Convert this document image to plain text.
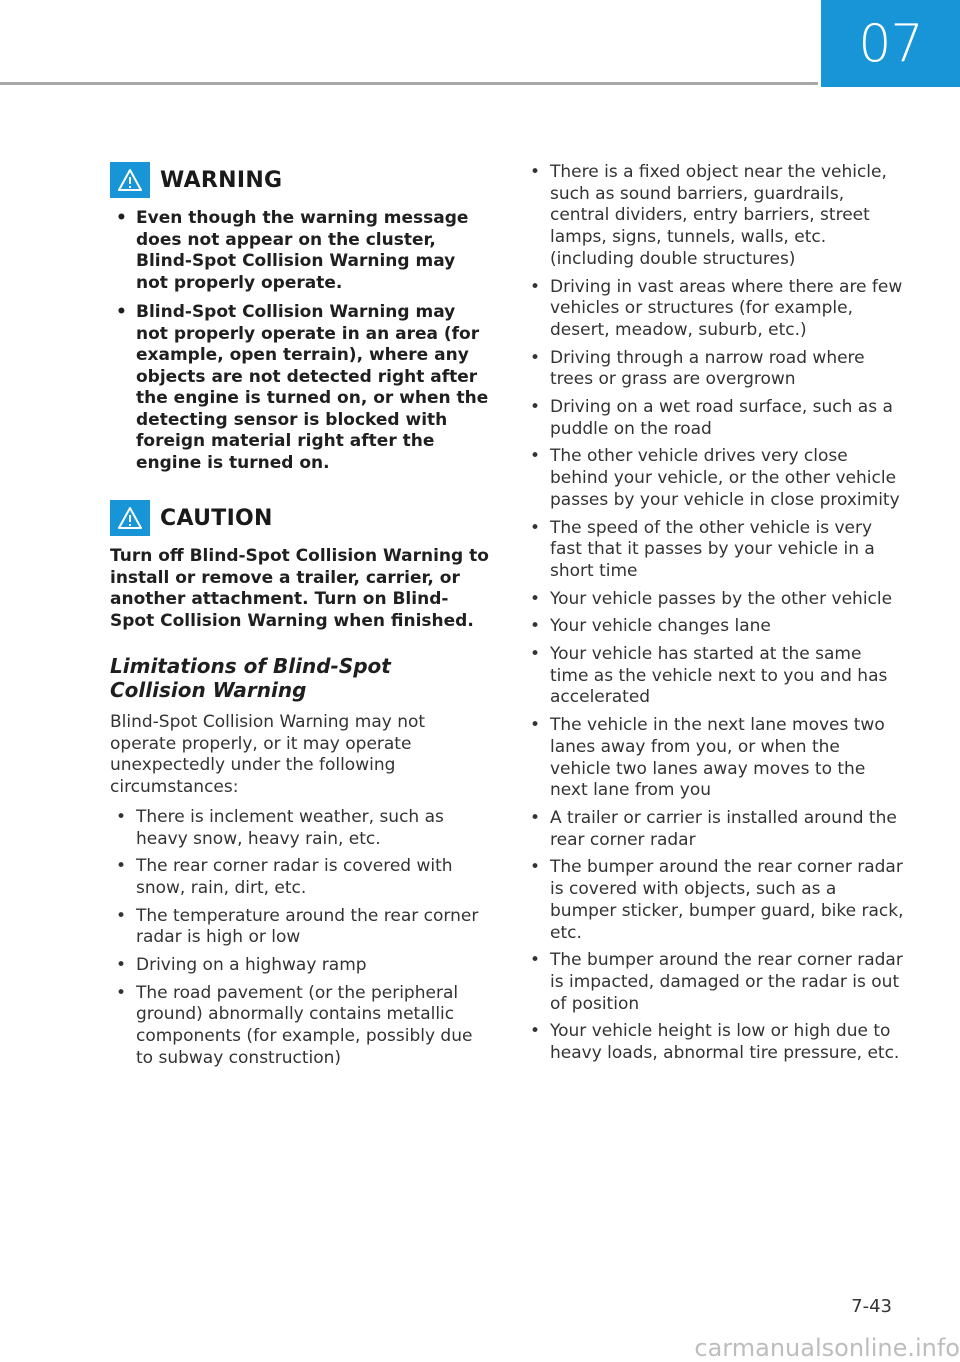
07
WARNING
• Even though the warning message does not appear on the cluster, Blind-Spot Collision Warning may not properly operate.
• Blind-Spot Collision Warning may not properly operate in an area (for example, open terrain), where any objects are not detected right after the engine is turned on, or when the detecting sensor is blocked with foreign material right after the engine is turned on.
CAUTION

Turn off Blind-Spot Collision Warning to install or remove a trailer, carrier, or another attachment. Turn on Blind-Spot Collision Warning when finished.

Limitations of Blind-Spot Collision Warning

Blind-Spot Collision Warning may not operate properly, or it may operate unexpectedly under the following circumstances:

• There is inclement weather, such as heavy snow, heavy rain, etc.
• The rear corner radar is covered with snow, rain, dirt, etc.
• The temperature around the rear corner radar is high or low
• Driving on a highway ramp
• The road pavement (or the peripheral ground) abnormally contains metallic components (for example, possibly due to subway construction)
• There is a fixed object near the vehicle, such as sound barriers, guardrails, central dividers, entry barriers, street lamps, signs, tunnels, walls, etc. (including double structures)
• Driving in vast areas where there are few vehicles or structures (for example, desert, meadow, suburb, etc.)
• Driving through a narrow road where trees or grass are overgrown
• Driving on a wet road surface, such as a puddle on the road
• The other vehicle drives very close behind your vehicle, or the other vehicle passes by your vehicle in close proximity
• The speed of the other vehicle is very fast that it passes by your vehicle in a short time
• Your vehicle passes by the other vehicle
• Your vehicle changes lane
• Your vehicle has started at the same time as the vehicle next to you and has accelerated
• The vehicle in the next lane moves two lanes away from you, or when the vehicle two lanes away moves to the next lane from you
• A trailer or carrier is installed around the rear corner radar
• The bumper around the rear corner radar is covered with objects, such as a bumper sticker, bumper guard, bike rack, etc.
• The bumper around the rear corner radar is impacted, damaged or the radar is out of position
• Your vehicle height is low or high due to heavy loads, abnormal tire pressure, etc.
7-43
carmanualsonline.info
